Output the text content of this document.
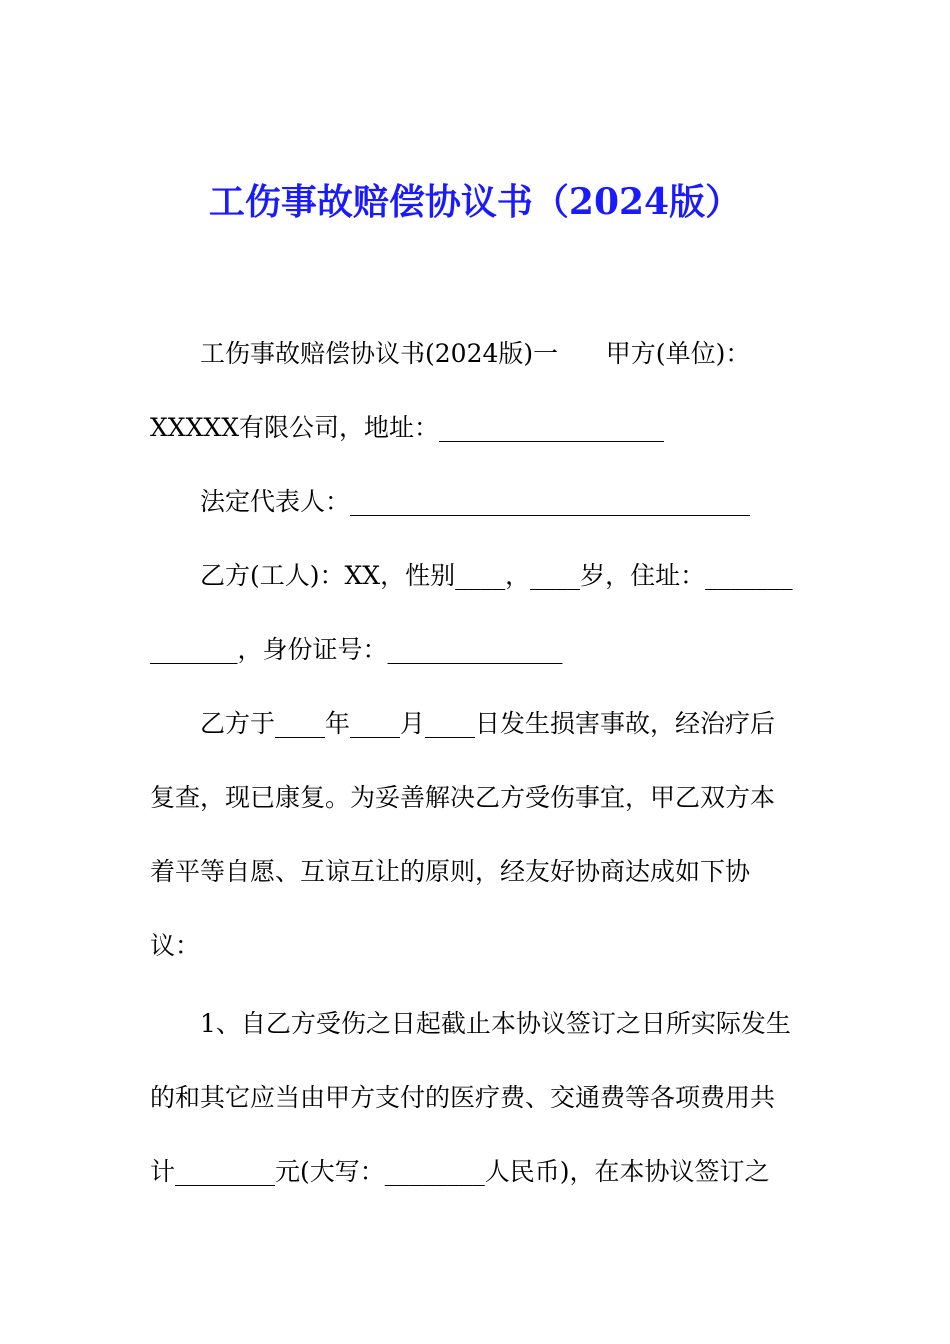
工伤事故赔偿协议书（2024版）
工伤事故赔偿协议书(2024版)一      甲方(单位)：
XXXXX有限公司，地址：__________________
法定代表人：________________________________
乙方(工人)：XX，性别____，____岁，住址：_______
_______，身份证号：______________
乙方于____年____月____日发生损害事故，经治疗后
复查，现已康复。为妥善解决乙方受伤事宜，甲乙双方本
着平等自愿、互谅互让的原则，经友好协商达成如下协
议：
1、自乙方受伤之日起截止本协议签订之日所实际发生
的和其它应当由甲方支付的医疗费、交通费等各项费用共
计________元(大写：________人民币)，在本协议签订之
